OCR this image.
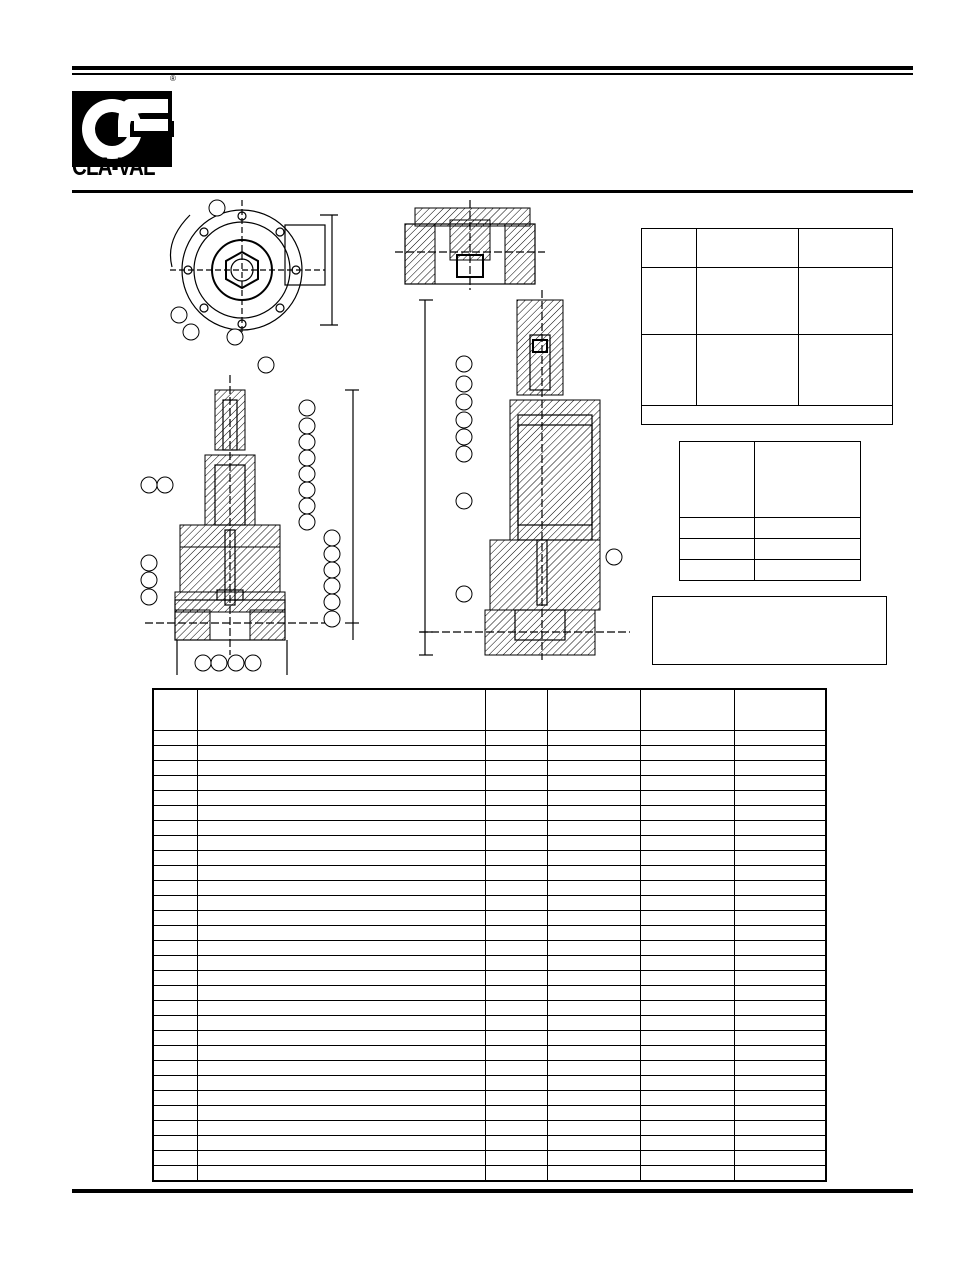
CLA-VAL
®
™
